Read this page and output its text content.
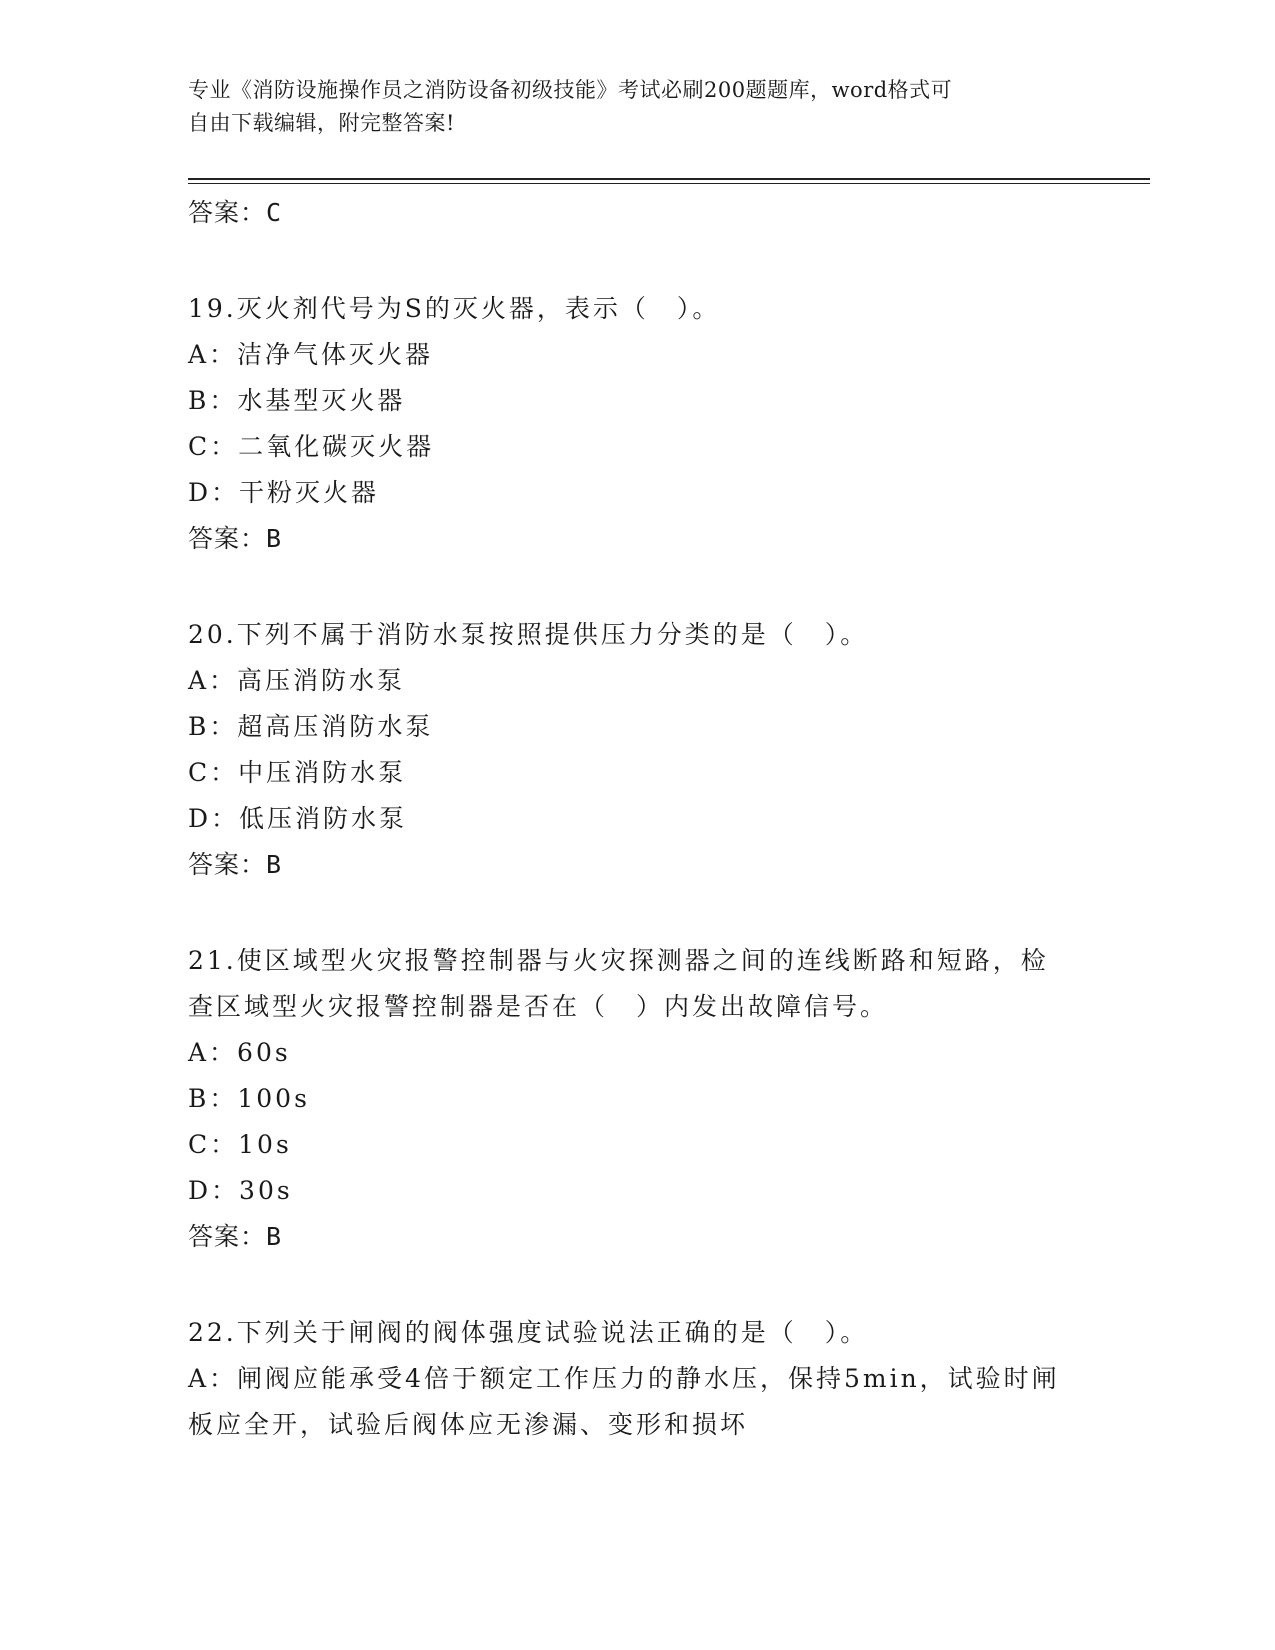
专业《消防设施操作员之消防设备初级技能》考试必刷200题题库，word格式可
自由下载编辑，附完整答案!
答案：C
19.灭火剂代号为S的灭火器，表示（　）。
A：洁净气体灭火器
B：水基型灭火器
C：二氧化碳灭火器
D：干粉灭火器
答案：B
20.下列不属于消防水泵按照提供压力分类的是（　）。
A：高压消防水泵
B：超高压消防水泵
C：中压消防水泵
D：低压消防水泵
答案：B
21.使区域型火灾报警控制器与火灾探测器之间的连线断路和短路，检
查区域型火灾报警控制器是否在（　）内发出故障信号。
A：60s
B：100s
C：10s
D：30s
答案：B
22.下列关于闸阀的阀体强度试验说法正确的是（　）。
A：闸阀应能承受4倍于额定工作压力的静水压，保持5min，试验时闸
板应全开，试验后阀体应无渗漏、变形和损坏
